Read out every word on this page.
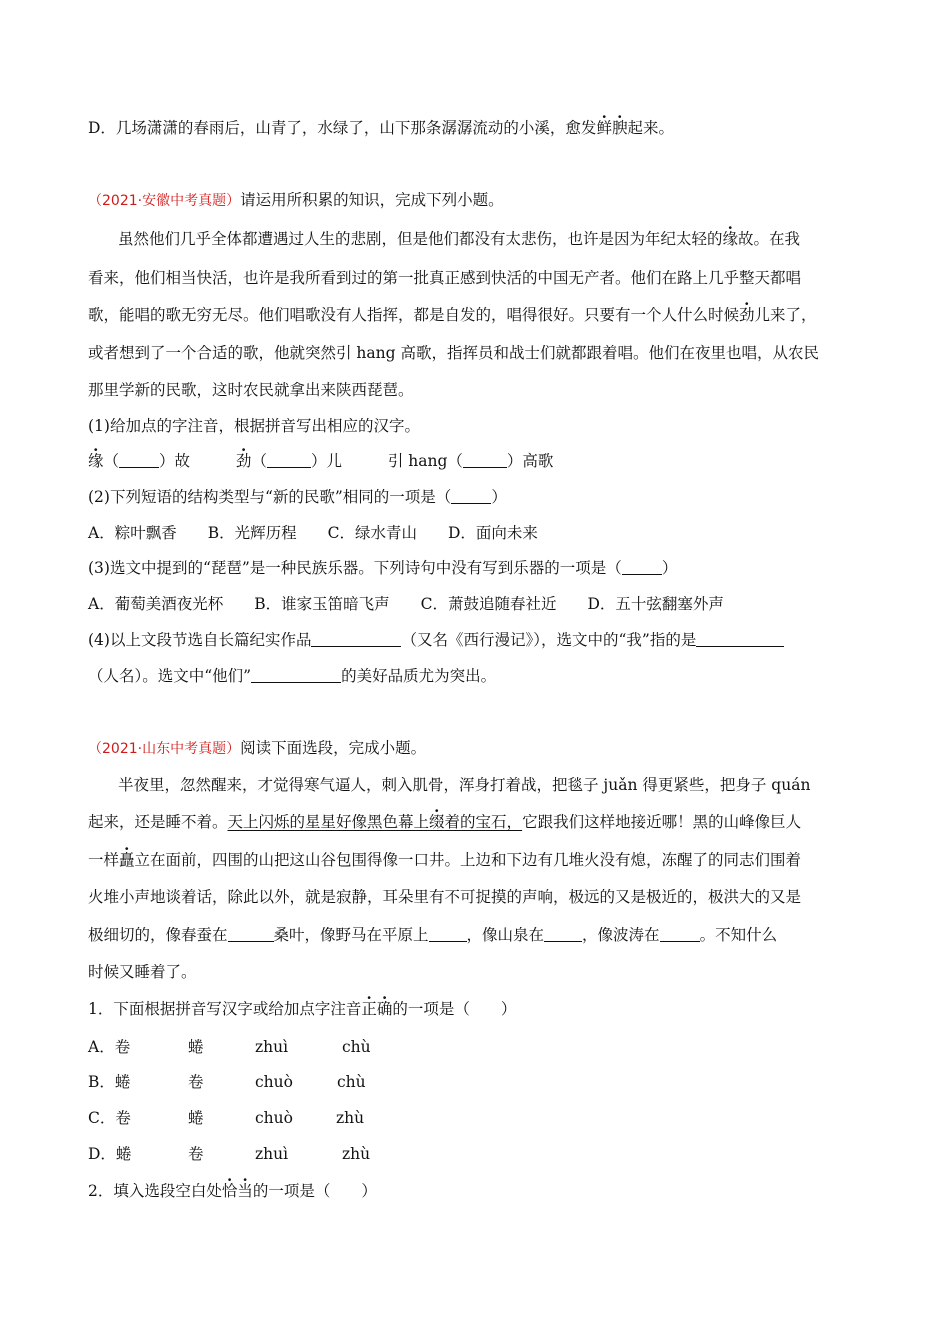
D．几场潇潇的春雨后，山青了，水绿了，山下那条潺潺流动的小溪，愈发鲜腴起来。
（2021·安徽中考真题）请运用所积累的知识，完成下列小题。
虽然他们几乎全体都遭遇过人生的悲剧，但是他们都没有太悲伤，也许是因为年纪太轻的缘故。在我
看来，他们相当快活，也许是我所看到过的第一批真正感到快活的中国无产者。他们在路上几乎整天都唱
歌，能唱的歌无穷无尽。他们唱歌没有人指挥，都是自发的，唱得很好。只要有一个人什么时候劲儿来了，
或者想到了一个合适的歌，他就突然引 hang 高歌，指挥员和战士们就都跟着唱。他们在夜里也唱，从农民
那里学新的民歌，这时农民就拿出来陕西琵琶。
(1)给加点的字注音，根据拼音写出相应的汉字。
缘（	）故	劲（	）儿	引 hang（	）高歌
(2)下列短语的结构类型与“新的民歌”相同的一项是（	）
A．粽叶飘香　　B．光辉历程　　C．绿水青山　　D．面向未来
(3)选文中提到的“琵琶”是一种民族乐器。下列诗句中没有写到乐器的一项是（	）
A．葡萄美酒夜光杯　　B．谁家玉笛暗飞声　　C．萧鼓追随春社近　　D．五十弦翻塞外声
(4)以上文段节选自长篇纪实作品	（又名《西行漫记》），选文中的“我”指的是
（人名）。选文中“他们”	的美好品质尤为突出。
（2021·山东中考真题）阅读下面选段，完成小题。
半夜里，忽然醒来，才觉得寒气逼人，刺入肌骨，浑身打着战，把毯子 juǎn 得更紧些，把身子 quán
起来，还是睡不着。天上闪烁的星星好像黑色幕上缀着的宝石，它跟我们这样地接近哪！黑的山峰像巨人
一样矗立在面前，四围的山把这山谷包围得像一口井。上边和下边有几堆火没有熄，冻醒了的同志们围着
火堆小声地谈着话，除此以外，就是寂静，耳朵里有不可捉摸的声响，极远的又是极近的，极洪大的又是
极细切的，像春蚕在	桑叶，像野马在平原上 ，像山泉在 ，像波涛在	。不知什么
时候又睡着了。
1．下面根据拼音写汉字或给加点字注音正确的一项是（　　）
A．卷	蜷	zhuì	chù
B．蜷	卷	chuò	chù
C．卷	蜷	chuò	zhù
D．蜷	卷	zhuì	zhù
2．填入选段空白处恰当的一项是（　　）
